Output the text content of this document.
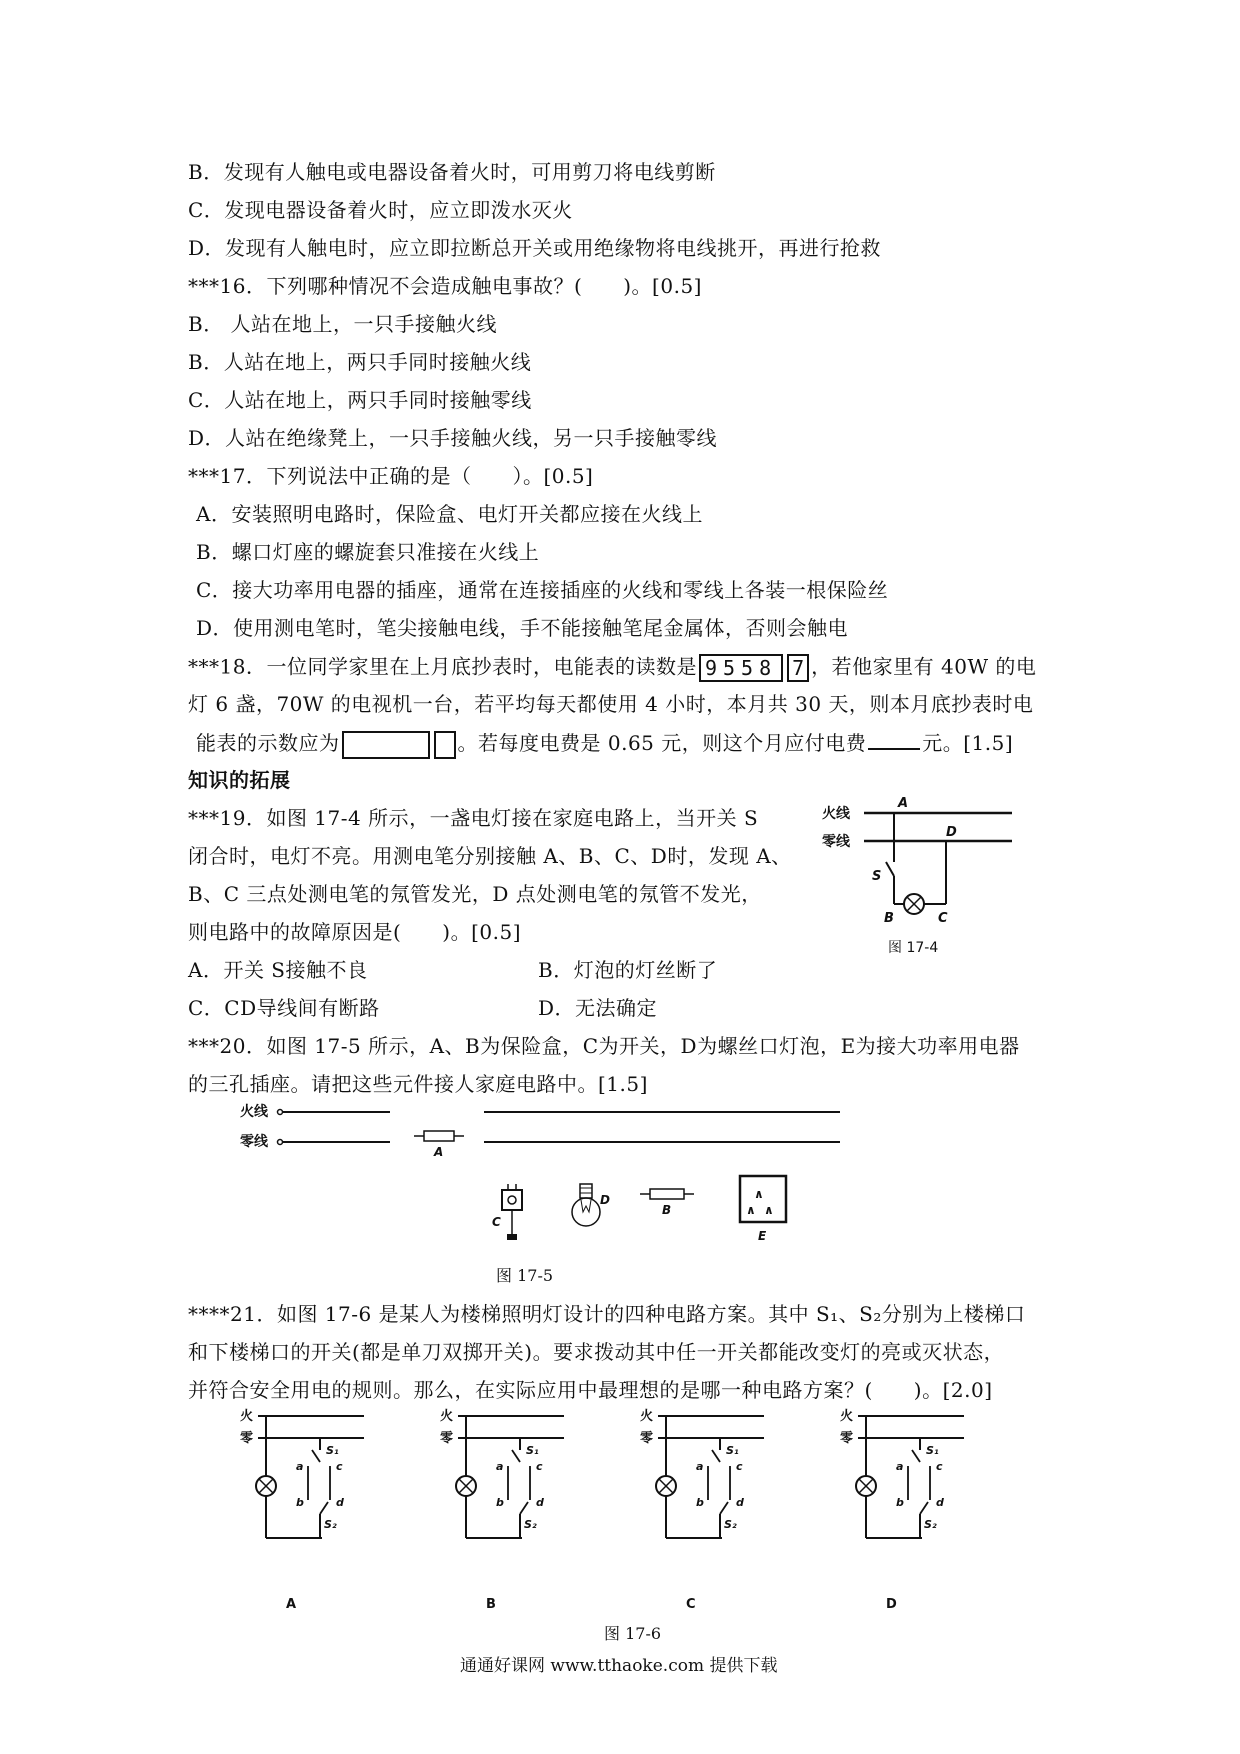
B．发现有人触电或电器设备着火时，可用剪刀将电线剪断
C．发现电器设备着火时，应立即泼水灭火
D．发现有人触电时，应立即拉断总开关或用绝缘物将电线挑开，再进行抢救
***16．下列哪种情况不会造成触电事故？(　　)。[0.5]
B． 人站在地上，一只手接触火线
B．人站在地上，两只手同时接触火线
C．人站在地上，两只手同时接触零线
D．人站在绝缘凳上，一只手接触火线，另一只手接触零线
***17．下列说法中正确的是（　　）。[0.5]
A．安装照明电路时，保险盒、电灯开关都应接在火线上
B．螺口灯座的螺旋套只准接在火线上
C．接大功率用电器的插座，通常在连接插座的火线和零线上各装一根保险丝
D．使用测电笔时，笔尖接触电线，手不能接触笔尾金属体，否则会触电
***18．一位同学家里在上月底抄表时，电能表的读数是 9558 7 ，若他家里有 40W 的电
灯 6 盏，70W 的电视机一台，若平均每天都使用 4 小时，本月共 30 天，则本月底抄表时电
能表的示数应为	。若每度电费是 0.65 元，则这个月应付电费	元。[1.5]
知识的拓展
***19．如图 17-4 所示，一盏电灯接在家庭电路上，当开关 S
闭合时，电灯不亮。用测电笔分别接触 A、B、C、D时，发现 A、
B、C 三点处测电笔的氖管发光，D 点处测电笔的氖管不发光，
则电路中的故障原因是(　　)。[0.5]
A．开关 S接触不良	B．灯泡的灯丝断了
C．CD导线间有断路	D．无法确定
火线
零线
A
D
S
B	C
图 17-4
***20．如图 17-5 所示，A、B为保险盒，C为开关，D为螺丝口灯泡，E为接大功率用电器
的三孔插座。请把这些元件接人家庭电路中。[1.5]
火线
零线
A
C
D
B
∧
∧ ∧
E
图 17-5
****21．如图 17-6 是某人为楼梯照明灯设计的四种电路方案。其中 S₁、S₂分别为上楼梯口
和下楼梯口的开关(都是单刀双掷开关)。要求拨动其中任一开关都能改变灯的亮或灭状态，
并符合安全用电的规则。那么，在实际应用中最理想的是哪一种电路方案？(　　)。[2.0]
火
零
S₁
S₂
a
b
c
d
A
火
零
S₁
S₂
a
b
c
d
B
火
零
S₁
S₂
a
b
c
d
C
火
零
S₁
S₂
a
b
c
d
D
图 17-6
通通好课网 www.tthaoke.com 提供下载
